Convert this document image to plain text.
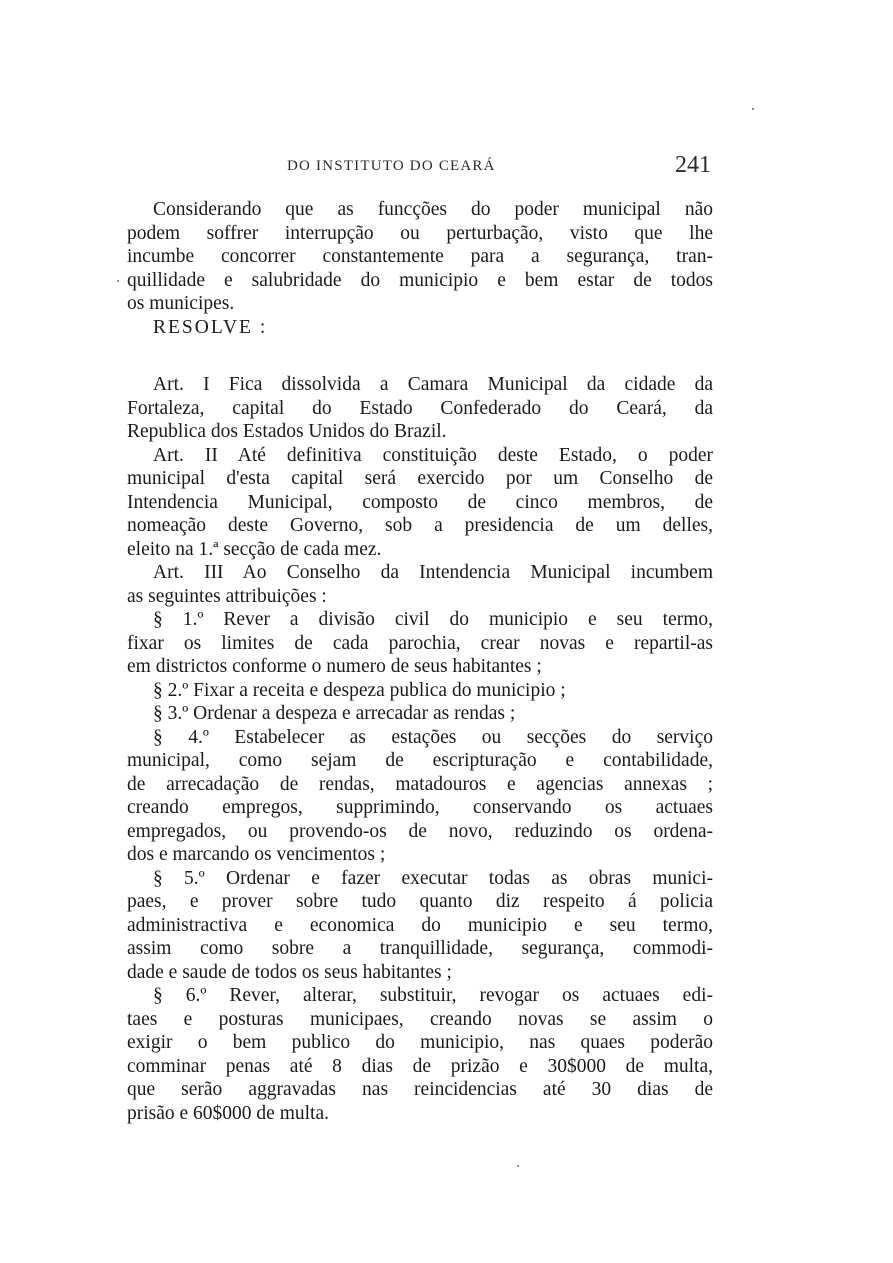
DO INSTITUTO DO CEARÁ	241
Considerando que as funcções do poder municipal não
podem soffrer interrupção ou perturbação, visto que lhe
incumbe concorrer constantemente para a segurança, tran-
quillidade e salubridade do municipio e bem estar de todos
os municipes.
RESOLVE :
Art. I Fica dissolvida a Camara Municipal da cidade da
Fortaleza, capital do Estado Confederado do Ceará, da
Republica dos Estados Unidos do Brazil.
Art. II Até definitiva constituição deste Estado, o poder
municipal d'esta capital será exercido por um Conselho de
Intendencia Municipal, composto de cinco membros, de
nomeação deste Governo, sob a presidencia de um delles,
eleito na 1.ª secção de cada mez.
Art. III Ao Conselho da Intendencia Municipal incumbem
as seguintes attribuições :
§ 1.º Rever a divisão civil do municipio e seu termo,
fixar os limites de cada parochia, crear novas e repartil-as
em districtos conforme o numero de seus habitantes ;
§ 2.º Fixar a receita e despeza publica do municipio ;
§ 3.º Ordenar a despeza e arrecadar as rendas ;
§ 4.º Estabelecer as estações ou secções do serviço
municipal, como sejam de escripturação e contabilidade,
de arrecadação de rendas, matadouros e agencias annexas ;
creando empregos, supprimindo, conservando os actuaes
empregados, ou provendo-os de novo, reduzindo os ordena-
dos e marcando os vencimentos ;
§ 5.º Ordenar e fazer executar todas as obras munici-
paes, e prover sobre tudo quanto diz respeito á policia
administractiva e economica do municipio e seu termo,
assim como sobre a tranquillidade, segurança, commodi-
dade e saude de todos os seus habitantes ;
§ 6.º Rever, alterar, substituir, revogar os actuaes edi-
taes e posturas municipaes, creando novas se assim o
exigir o bem publico do municipio, nas quaes poderão
comminar penas até 8 dias de prizão e 30$000 de multa,
que serão aggravadas nas reincidencias até 30 dias de
prisão e 60$000 de multa.
